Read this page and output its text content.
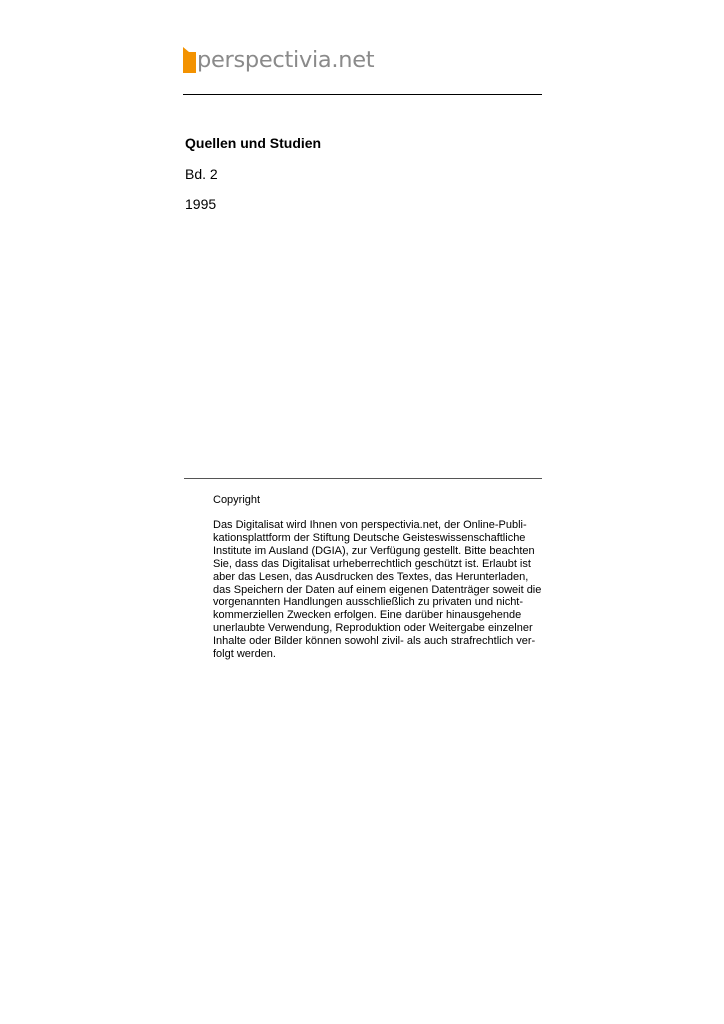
perspectivia.net
Quellen und Studien
Bd. 2
1995
Copyright
Das Digitalisat wird Ihnen von perspectivia.net, der Online-Publi-
kationsplattform der Stiftung Deutsche Geisteswissenschaftliche
Institute im Ausland (DGIA), zur Verfügung gestellt. Bitte beachten
Sie, dass das Digitalisat urheberrechtlich geschützt ist. Erlaubt ist
aber das Lesen, das Ausdrucken des Textes, das Herunterladen,
das Speichern der Daten auf einem eigenen Datenträger soweit die
vorgenannten Handlungen ausschließlich zu privaten und nicht-
kommerziellen Zwecken erfolgen. Eine darüber hinausgehende
unerlaubte Verwendung, Reproduktion oder Weitergabe einzelner
Inhalte oder Bilder können sowohl zivil- als auch strafrechtlich ver-
folgt werden.
